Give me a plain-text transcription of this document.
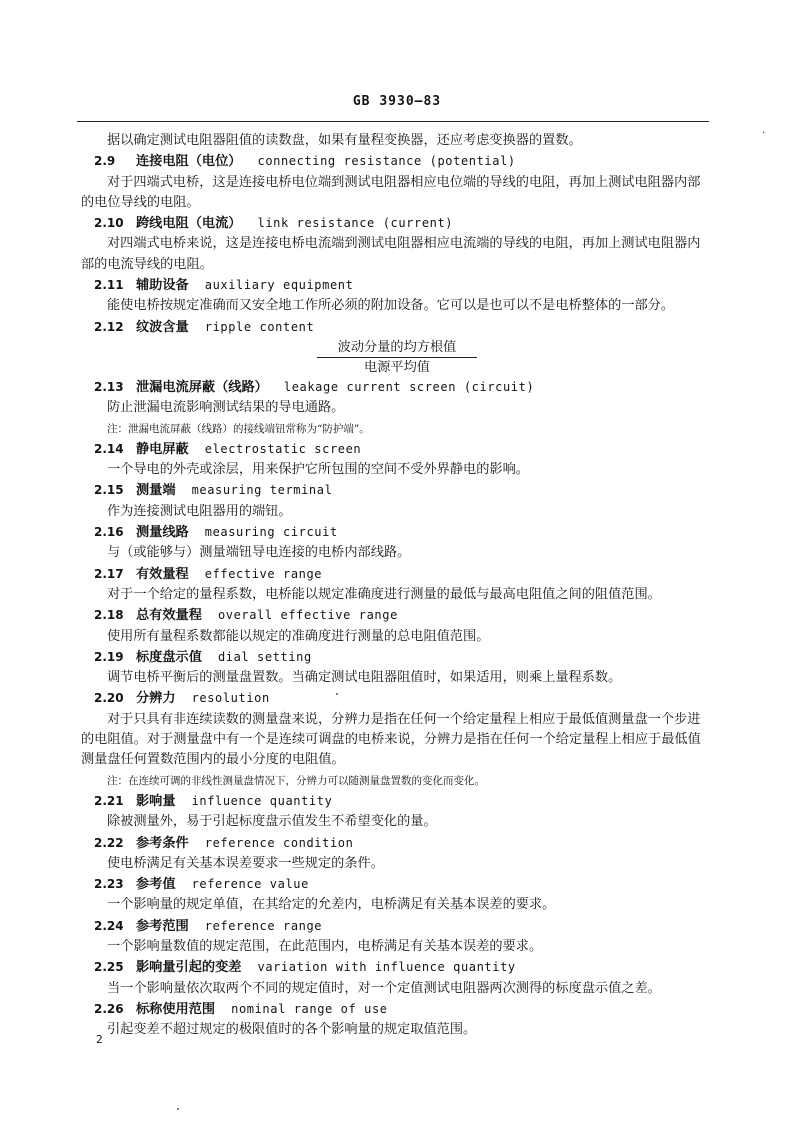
GB 3930—83
·

据以确定测试电阻器阻值的读数盘，如果有量程变换器，还应考虑变换器的置数。

2.9 连接电阻（电位） connecting resistance (potential)

对于四端式电桥，这是连接电桥电位端到测试电阻器相应电位端的导线的电阻，再加上测试电阻器内部的电位导线的电阻。

2.10 跨线电阻（电流） link resistance (current)

对四端式电桥来说，这是连接电桥电流端到测试电阻器相应电流端的导线的电阻，再加上测试电阻器内部的电流导线的电阻。

2.11 辅助设备 auxiliary equipment

能使电桥按规定准确而又安全地工作所必须的附加设备。它可以是也可以不是电桥整体的一部分。

2.12 纹波含量 ripple content

波动分量的均方根值
电源平均值

2.13 泄漏电流屏蔽（线路） leakage current screen (circuit)

防止泄漏电流影响测试结果的导电通路。

注：泄漏电流屏蔽（线路）的接线端钮常称为“防护端”。

2.14 静电屏蔽 electrostatic screen

一个导电的外壳或涂层，用来保护它所包围的空间不受外界静电的影响。

2.15 测量端 measuring terminal

作为连接测试电阻器用的端钮。

2.16 测量线路 measuring circuit

与（或能够与）测量端钮导电连接的电桥内部线路。

2.17 有效量程 effective range

对于一个给定的量程系数，电桥能以规定准确度进行测量的最低与最高电阻值之间的阻值范围。

2.18 总有效量程 overall effective range

使用所有量程系数都能以规定的准确度进行测量的总电阻值范围。

2.19 标度盘示值 dial setting

调节电桥平衡后的测量盘置数。当确定测试电阻器阻值时，如果适用，则乘上量程系数。

2.20 分辨力 resolution

对于只具有非连续读数的测量盘来说，分辨力是指在任何一个给定量程上相应于最低值测量盘一个步进的电阻值。对于测量盘中有一个是连续可调盘的电桥来说，分辨力是指在任何一个给定量程上相应于最低值测量盘任何置数范围内的最小分度的电阻值。

注：在连续可调的非线性测量盘情况下，分辨力可以随测量盘置数的变化而变化。

2.21 影响量 influence quantity

除被测量外，易于引起标度盘示值发生不希望变化的量。

2.22 参考条件 reference condition

使电桥满足有关基本误差要求一些规定的条件。

2.23 参考值 reference value

一个影响量的规定单值，在其给定的允差内，电桥满足有关基本误差的要求。

2.24 参考范围 reference range

一个影响量数值的规定范围，在此范围内，电桥满足有关基本误差的要求。

2.25 影响量引起的变差 variation with influence quantity

当一个影响量依次取两个不同的规定值时，对一个定值测试电阻器两次测得的标度盘示值之差。

2.26 标称使用范围 nominal range of use

引起变差不超过规定的极限值时的各个影响量的规定取值范围。

2
